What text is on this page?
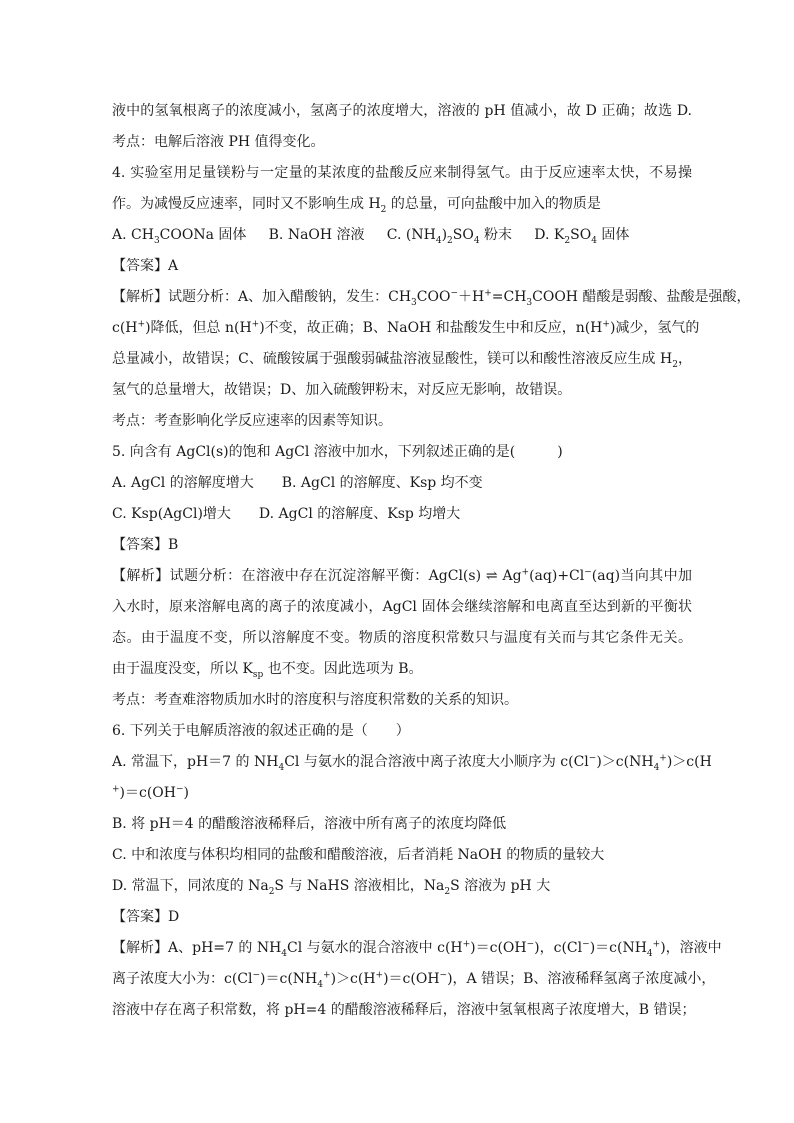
液中的氢氧根离子的浓度减小，氢离子的浓度增大，溶液的 pH 值减小，故 D 正确；故选 D.
考点：电解后溶液 PH 值得变化。
4. 实验室用足量镁粉与一定量的某浓度的盐酸反应来制得氢气。由于反应速率太快，不易操
作。为减慢反应速率，同时又不影响生成 $H_2$ 的总量，可向盐酸中加入的物质是
A. $CH_3COONa$ 固体     B. NaOH 溶液     C. $(NH_4)_2SO_4$ 粉末     D. $K_2SO_4$ 固体
【答案】A
【解析】试题分析：A、加入醋酸钠，发生：$CH_3COO^-+H^+=CH_3COOH$ 醋酸是弱酸、盐酸是强酸，
c(H+)降低，但总 n(H+)不变，故正确；B、NaOH 和盐酸发生中和反应，n(H+)减少，氢气的
总量减小，故错误；C、硫酸铵属于强酸弱碱盐溶液显酸性，镁可以和酸性溶液反应生成 $H_2$，
氢气的总量增大，故错误；D、加入硫酸钾粉末，对反应无影响，故错误。
考点：考查影响化学反应速率的因素等知识。
5. 向含有 AgCl(s)的饱和 AgCl 溶液中加水，下列叙述正确的是(　　　)
A. AgCl 的溶解度增大　　B. AgCl 的溶解度、Ksp 均不变
C. Ksp(AgCl)增大　　D. AgCl 的溶解度、Ksp 均增大
【答案】B
【解析】试题分析：在溶液中存在沉淀溶解平衡：AgCl(s) ⇌ Ag+(aq)+Cl−(aq)当向其中加
入水时，原来溶解电离的离子的浓度减小，AgCl 固体会继续溶解和电离直至达到新的平衡状
态。由于温度不变，所以溶解度不变。物质的溶度积常数只与温度有关而与其它条件无关。
由于温度没变，所以 $K_{sp}$ 也不变。因此选项为 B。
考点：考查难溶物质加水时的溶度积与溶度积常数的关系的知识。
6. 下列关于电解质溶液的叙述正确的是（　　）
A. 常温下，pH＝7 的 $NH_4Cl$ 与氨水的混合溶液中离子浓度大小顺序为 $c(Cl^-)>c(NH_4^+)>c(H$
+)＝c(OH−)
B. 将 pH＝4 的醋酸溶液稀释后，溶液中所有离子的浓度均降低
C. 中和浓度与体积均相同的盐酸和醋酸溶液，后者消耗 NaOH 的物质的量较大
D. 常温下，同浓度的 $Na_2S$ 与 NaHS 溶液相比，$Na_2S$ 溶液为 pH 大
【答案】D
【解析】A、pH=7 的 $NH_4Cl$ 与氨水的混合溶液中 c(H+)＝c(OH−)，$c(Cl^-)=c(NH_4^+)$，溶液中
离子浓度大小为：$c(Cl^-)=c(NH_4^+)>c(H^+)=c(OH^-)$，A 错误；B、溶液稀释氢离子浓度减小，
溶液中存在离子积常数，将 pH=4 的醋酸溶液稀释后，溶液中氢氧根离子浓度增大，B 错误；
